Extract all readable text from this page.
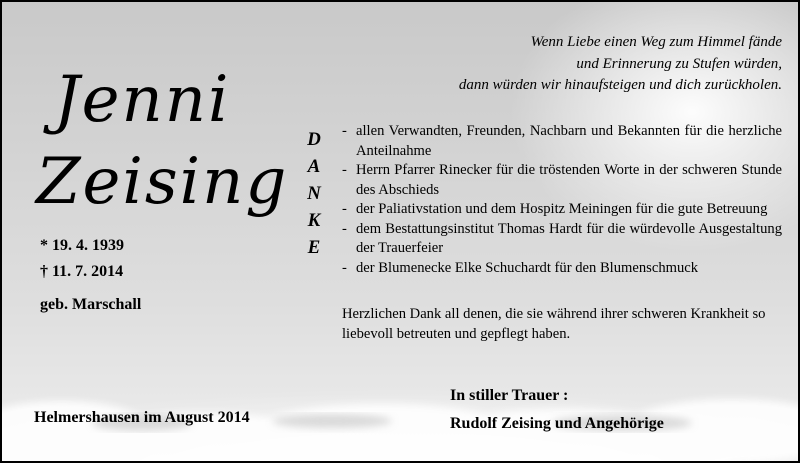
Wenn Liebe einen Weg zum Himmel fände
und Erinnerung zu Stufen würden,
dann würden wir hinaufsteigen und dich zurückholen.
Jenni
Zeising
* 19. 4. 1939
† 11. 7. 2014
geb. Marschall
D
A
N
K
E
- allen Verwandten, Freunden, Nachbarn und Bekannten für die herzliche Anteilnahme
- Herrn Pfarrer Rinecker für die tröstenden Worte in der schweren Stunde des Abschieds
- der Paliativstation und dem Hospitz Meiningen für die gute Betreuung
- dem Bestattungsinstitut Thomas Hardt für die würdevolle Ausgestaltung der Trauerfeier
- der Blumenecke Elke Schuchardt für den Blumenschmuck
Herzlichen Dank all denen, die sie während ihrer schweren Krankheit so liebevoll betreuten und gepflegt haben.
In stiller Trauer :
Rudolf Zeising und Angehörige
Helmershausen im August 2014
